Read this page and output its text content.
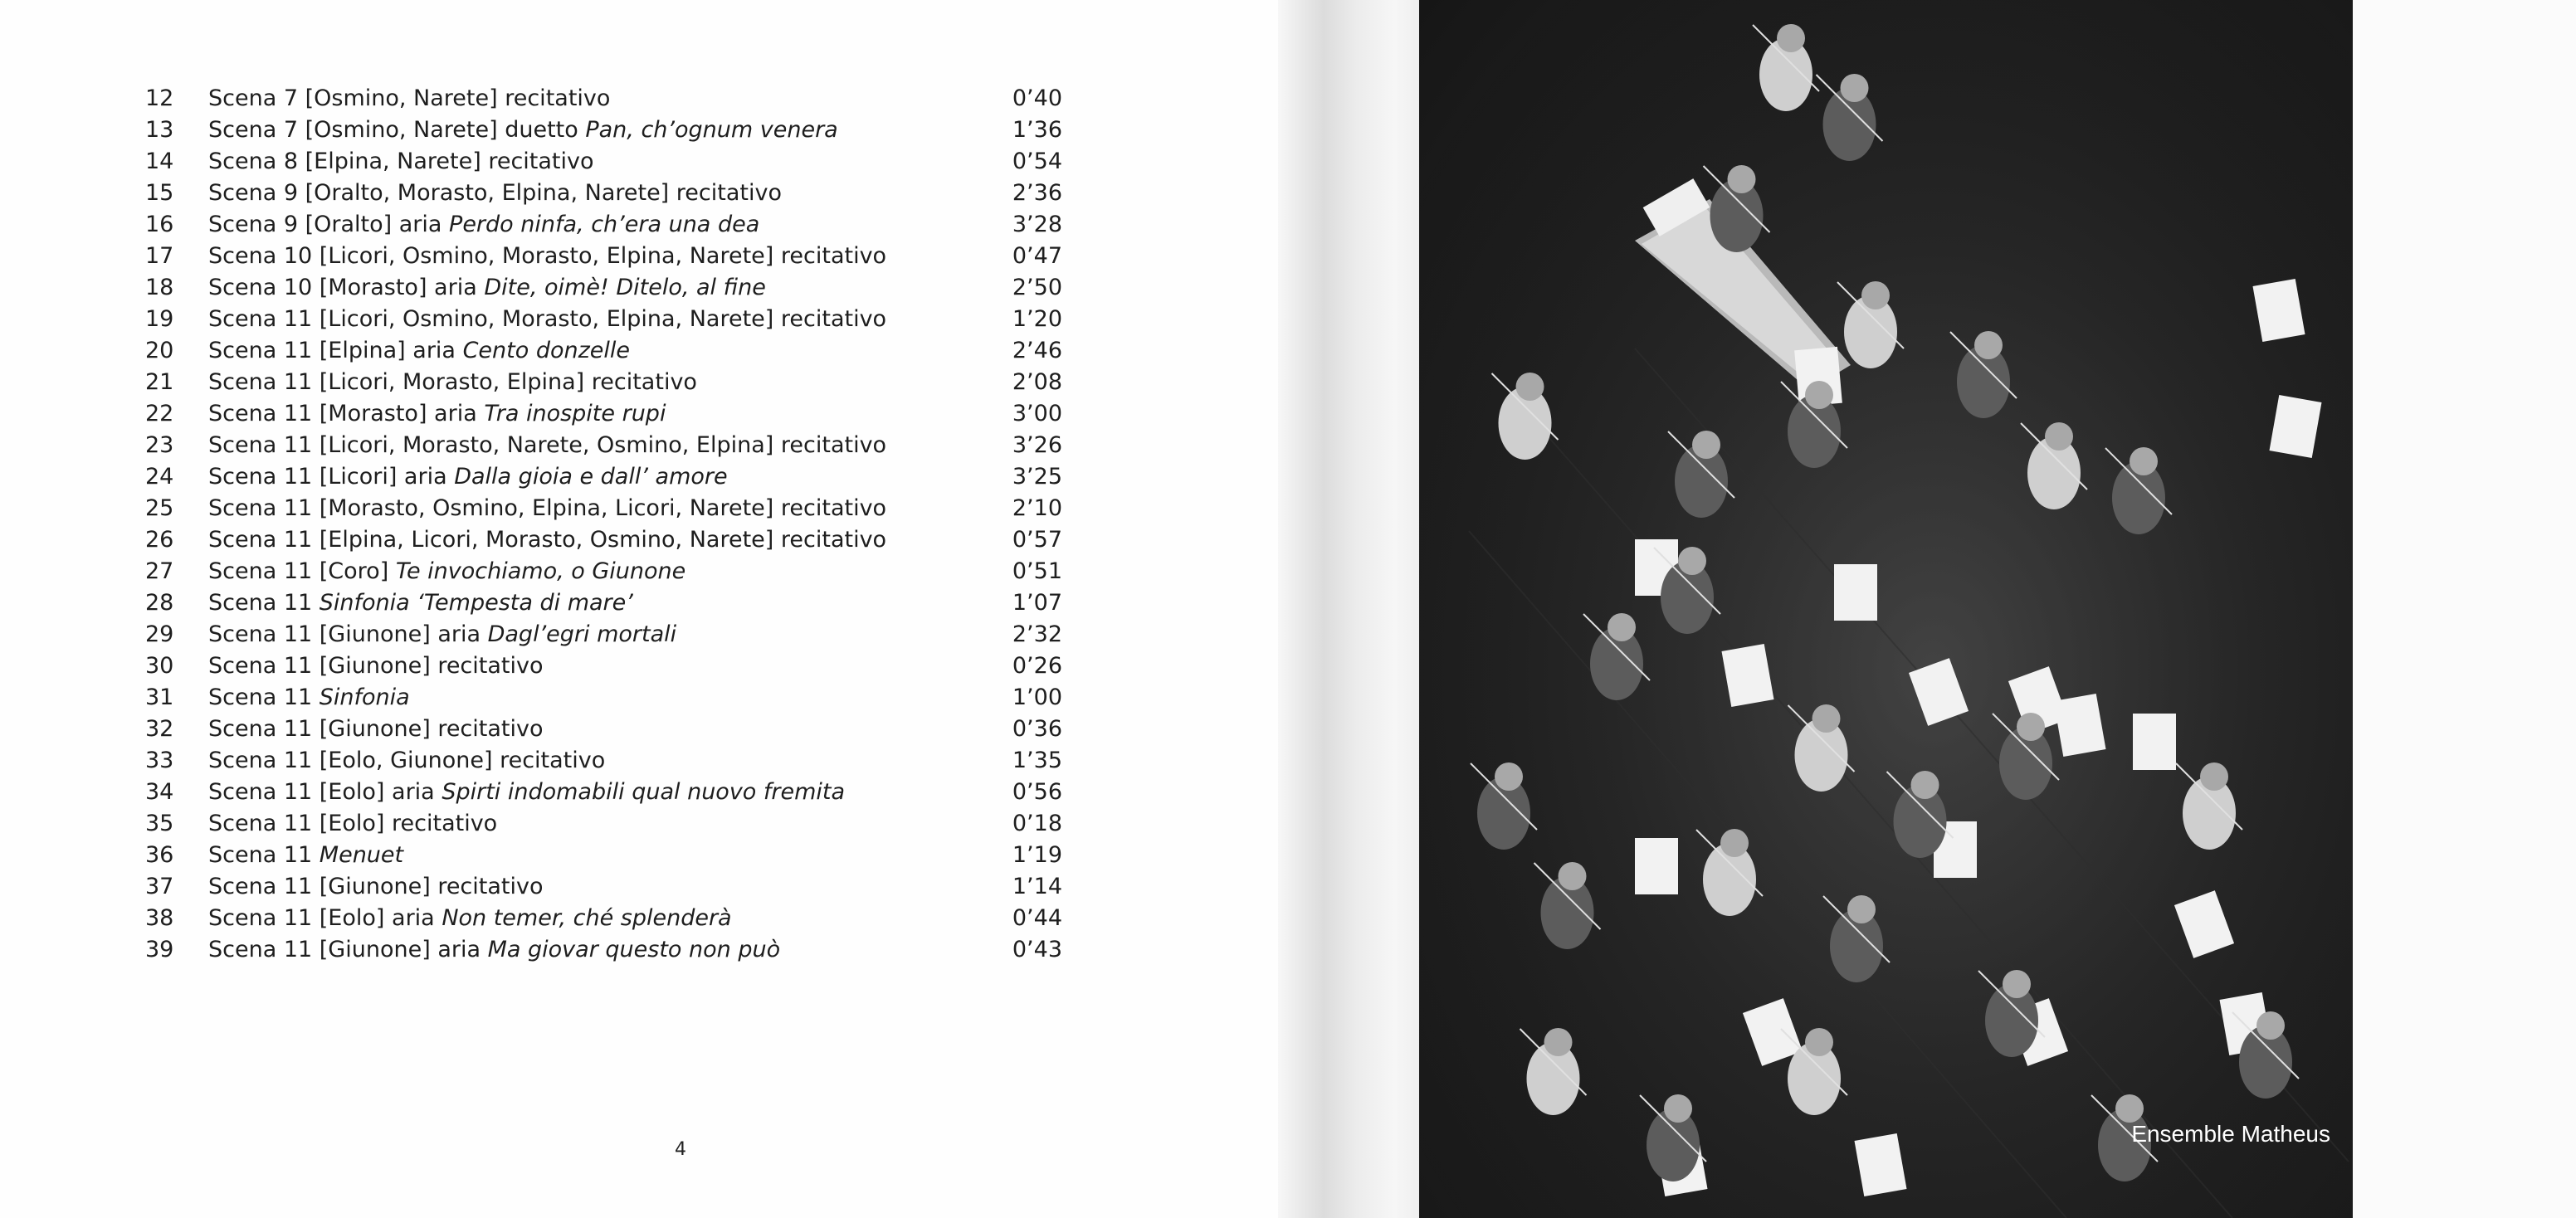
12	Scena 7 [Osmino, Narete] recitativo	0’40
13	Scena 7 [Osmino, Narete] duetto Pan, ch’ognum venera	1’36
14	Scena 8 [Elpina, Narete] recitativo	0’54
15	Scena 9 [Oralto, Morasto, Elpina, Narete] recitativo	2’36
16	Scena 9 [Oralto] aria Perdo ninfa, ch’era una dea	3’28
17	Scena 10 [Licori, Osmino, Morasto, Elpina, Narete] recitativo	0’47
18	Scena 10 [Morasto] aria Dite, oimè! Ditelo, al fine	2’50
19	Scena 11 [Licori, Osmino, Morasto, Elpina, Narete] recitativo	1’20
20	Scena 11 [Elpina] aria Cento donzelle	2’46
21	Scena 11 [Licori, Morasto, Elpina] recitativo	2’08
22	Scena 11 [Morasto] aria Tra inospite rupi	3’00
23	Scena 11 [Licori, Morasto, Narete, Osmino, Elpina] recitativo	3’26
24	Scena 11 [Licori] aria Dalla gioia e dall’ amore	3’25
25	Scena 11 [Morasto, Osmino, Elpina, Licori, Narete] recitativo	2’10
26	Scena 11 [Elpina, Licori, Morasto, Osmino, Narete] recitativo	0’57
27	Scena 11 [Coro] Te invochiamo, o Giunone	0’51
28	Scena 11 Sinfonia ‘Tempesta di mare’	1’07
29	Scena 11 [Giunone] aria Dagl’egri mortali	2’32
30	Scena 11 [Giunone] recitativo	0’26
31	Scena 11 Sinfonia	1’00
32	Scena 11 [Giunone] recitativo	0’36
33	Scena 11 [Eolo, Giunone] recitativo	1’35
34	Scena 11 [Eolo] aria Spirti indomabili qual nuovo fremita	0’56
35	Scena 11 [Eolo] recitativo	0’18
36	Scena 11 Menuet	1’19
37	Scena 11 [Giunone] recitativo	1’14
38	Scena 11 [Eolo] aria Non temer, ché splenderà	0’44
39	Scena 11 [Giunone] aria Ma giovar questo non può	0’43
4
Ensemble Matheus
